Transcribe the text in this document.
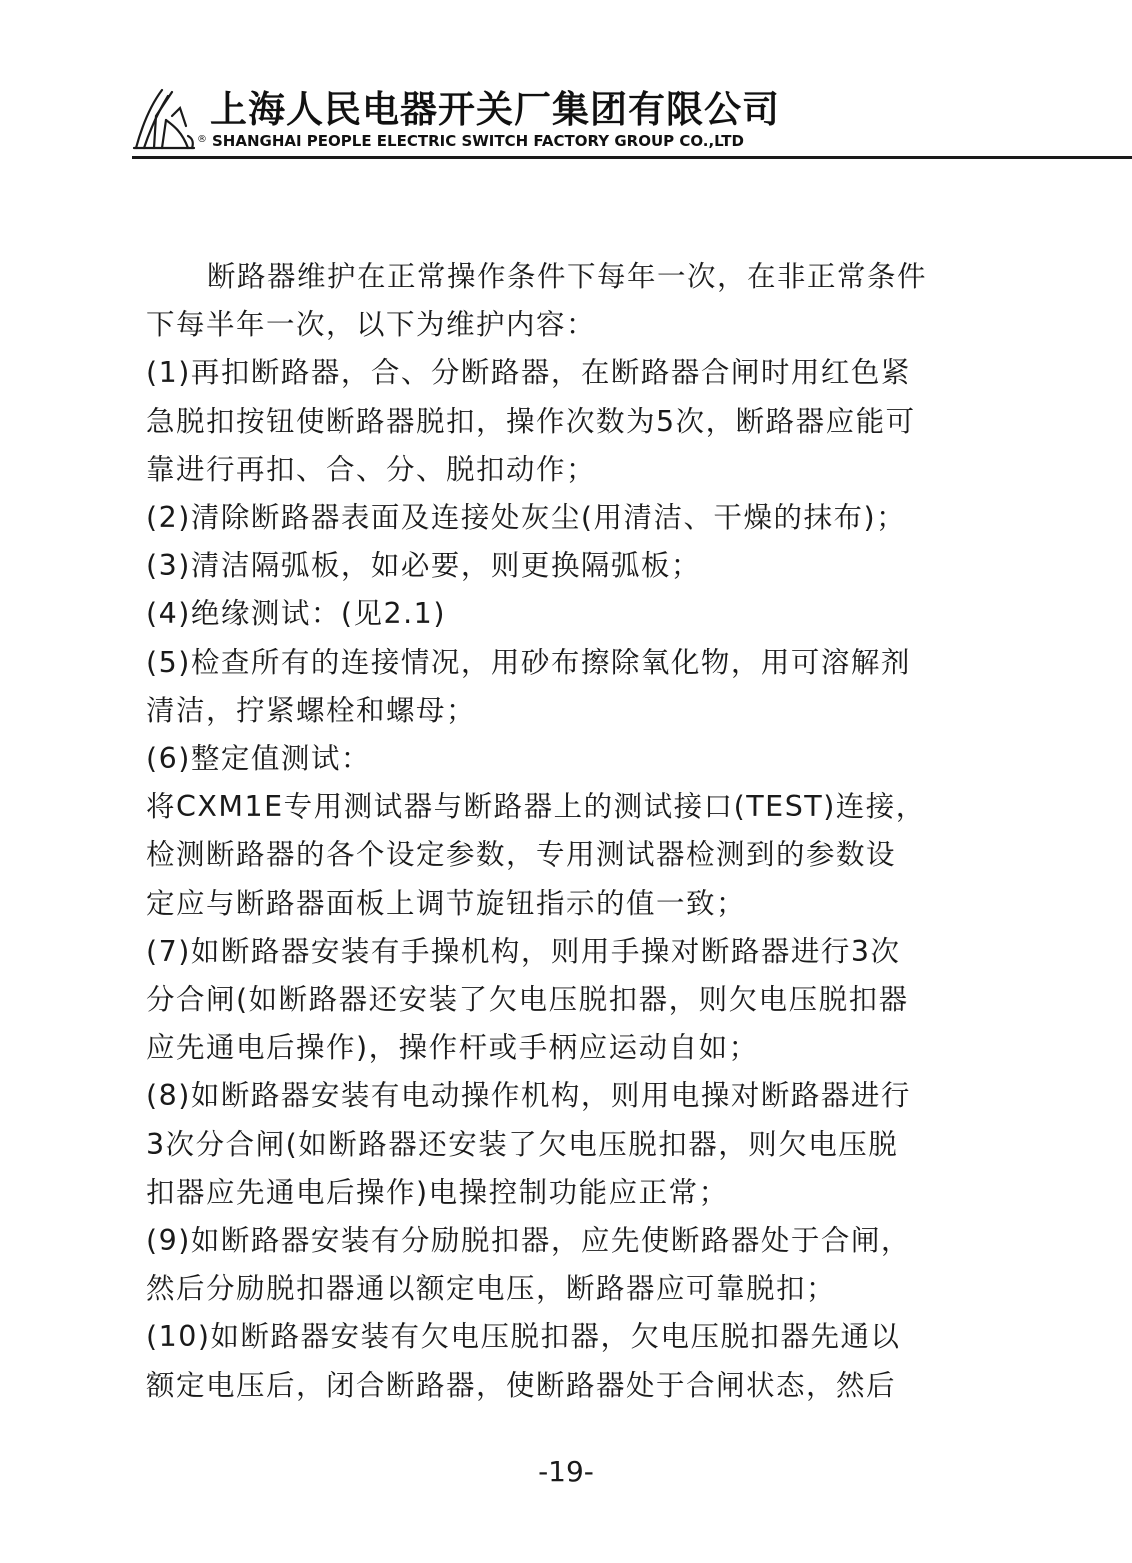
®
上海人民电器开关厂集团有限公司
SHANGHAI PEOPLE ELECTRIC SWITCH FACTORY GROUP CO.,LTD

断路器维护在正常操作条件下每年一次，在非正常条件

下每半年一次，以下为维护内容：

(1)再扣断路器，合、分断路器，在断路器合闸时用红色紧

急脱扣按钮使断路器脱扣，操作次数为5次，断路器应能可

靠进行再扣、合、分、脱扣动作；

(2)清除断路器表面及连接处灰尘(用清洁、干燥的抹布)；

(3)清洁隔弧板，如必要，则更换隔弧板；

(4)绝缘测试：(见2.1)

(5)检查所有的连接情况，用砂布擦除氧化物，用可溶解剂

清洁，拧紧螺栓和螺母；

(6)整定值测试：

将CXM1E专用测试器与断路器上的测试接口(TEST)连接，

检测断路器的各个设定参数，专用测试器检测到的参数设

定应与断路器面板上调节旋钮指示的值一致；

(7)如断路器安装有手操机构，则用手操对断路器进行3次

分合闸(如断路器还安装了欠电压脱扣器，则欠电压脱扣器

应先通电后操作)，操作杆或手柄应运动自如；

(8)如断路器安装有电动操作机构，则用电操对断路器进行

3次分合闸(如断路器还安装了欠电压脱扣器，则欠电压脱

扣器应先通电后操作)电操控制功能应正常；

(9)如断路器安装有分励脱扣器，应先使断路器处于合闸，

然后分励脱扣器通以额定电压，断路器应可靠脱扣；

(10)如断路器安装有欠电压脱扣器，欠电压脱扣器先通以

额定电压后，闭合断路器，使断路器处于合闸状态，然后

-19-
